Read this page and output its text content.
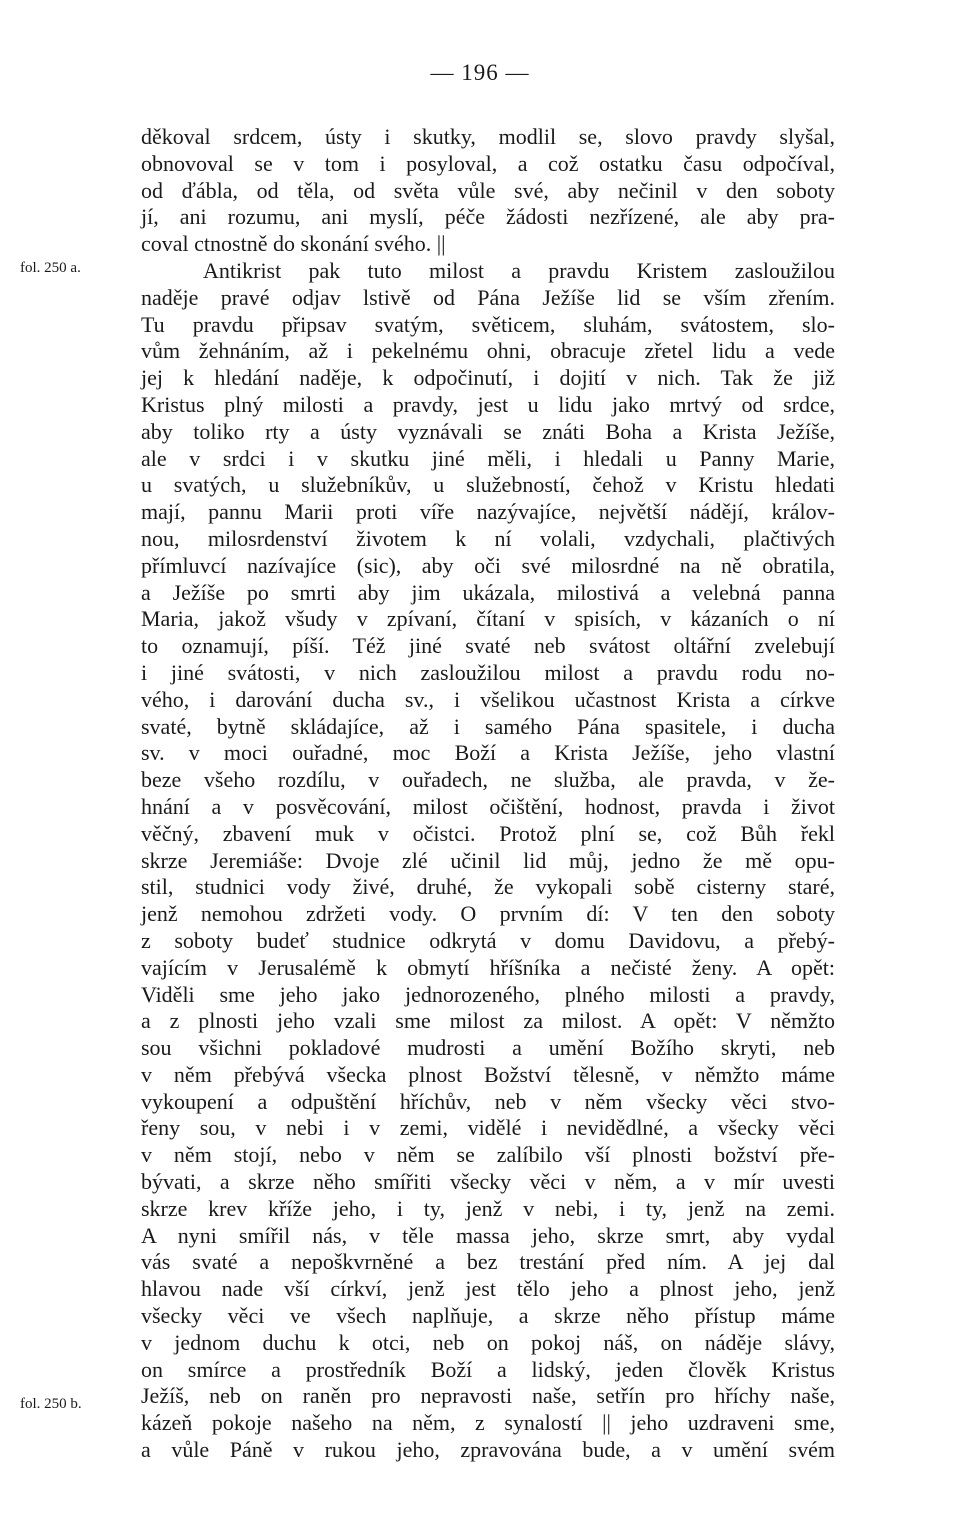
— 196 —
fol. 250 a.
fol. 250 b.
děkoval srdcem, ústy i skutky, modlil se, slovo pravdy slyšal,
obnovoval se v tom i posyloval, a což ostatku času odpočíval,
od ďábla, od těla, od světa vůle své, aby nečinil v den soboty
jí, ani rozumu, ani myslí, péče žádosti nezřízené, ale aby pra-
coval ctnostně do skonání svého. ||
Antikrist pak tuto milost a pravdu Kristem zasloužilou
naděje pravé odjav lstivě od Pána Ježíše lid se vším zřením.
Tu pravdu připsav svatým, světicem, sluhám, svátostem, slo-
vům žehnáním, až i pekelnému ohni, obracuje zřetel lidu a vede
jej k hledání naděje, k odpočinutí, i dojití v nich. Tak že již
Kristus plný milosti a pravdy, jest u lidu jako mrtvý od srdce,
aby toliko rty a ústy vyznávali se znáti Boha a Krista Ježíše,
ale v srdci i v skutku jiné měli, i hledali u Panny Marie,
u svatých, u služebníkův, u služebností, čehož v Kristu hledati
mají, pannu Marii proti víře nazývajíce, největší nádějí, králov-
nou, milosrdenství životem k ní volali, vzdychali, plačtivých
přímluvcí nazívajíce (sic), aby oči své milosrdné na ně obratila,
a Ježíše po smrti aby jim ukázala, milostivá a velebná panna
Maria, jakož všudy v zpívaní, čítaní v spisích, v kázaních o ní
to oznamují, píší. Též jiné svaté neb svátost oltářní zvelebují
i jiné svátosti, v nich zasloužilou milost a pravdu rodu no-
vého, i darování ducha sv., i všelikou učastnost Krista a církve
svaté, bytně skládajíce, až i samého Pána spasitele, i ducha
sv. v moci ouřadné, moc Boží a Krista Ježíše, jeho vlastní
beze všeho rozdílu, v ouřadech, ne služba, ale pravda, v že-
hnání a v posvěcování, milost očištění, hodnost, pravda i život
věčný, zbavení muk v očistci. Protož plní se, což Bůh řekl
skrze Jeremiáše: Dvoje zlé učinil lid můj, jedno že mě opu-
stil, studnici vody živé, druhé, že vykopali sobě cisterny staré,
jenž nemohou zdržeti vody. O prvním dí: V ten den soboty
z soboty budeť studnice odkrytá v domu Davidovu, a přebý-
vajícím v Jerusalémě k obmytí hříšníka a nečisté ženy. A opět:
Viděli sme jeho jako jednorozeného, plného milosti a pravdy,
a z plnosti jeho vzali sme milost za milost. A opět: V němžto
sou všichni pokladové mudrosti a umění Božího skryti, neb
v něm přebývá všecka plnost Božství tělesně, v němžto máme
vykoupení a odpuštění hříchův, neb v něm všecky věci stvo-
řeny sou, v nebi i v zemi, vidělé i nevidědlné, a všecky věci
v něm stojí, nebo v něm se zalíbilo vší plnosti božství pře-
bývati, a skrze něho smířiti všecky věci v něm, a v mír uvesti
skrze krev kříže jeho, i ty, jenž v nebi, i ty, jenž na zemi.
A nyni smířil nás, v těle massa jeho, skrze smrt, aby vydal
vás svaté a nepoškvrněné a bez trestání před ním. A jej dal
hlavou nade vší církví, jenž jest tělo jeho a plnost jeho, jenž
všecky věci ve všech naplňuje, a skrze něho přístup máme
v jednom duchu k otci, neb on pokoj náš, on náděje slávy,
on smírce a prostředník Boží a lidský, jeden člověk Kristus
Ježíš, neb on raněn pro nepravosti naše, setřín pro hříchy naše,
kázeň pokoje našeho na něm, z synalostí || jeho uzdraveni sme,
a vůle Páně v rukou jeho, zpravována bude, a v umění svém
